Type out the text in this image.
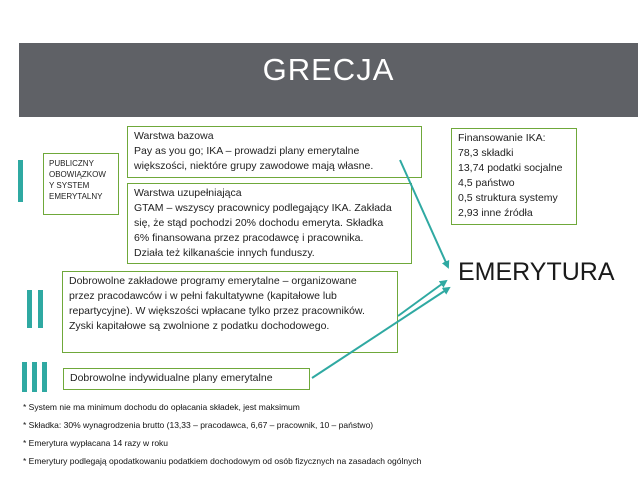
GRECJA
PUBLICZNY
OBOWIĄZKOW
Y SYSTEM
EMERYTALNY
Warstwa bazowa
Pay as you go; IKA – prowadzi plany emerytalne
większości, niektóre grupy zawodowe mają własne.
Warstwa uzupełniająca
GTAM – wszyscy pracownicy podlegający IKA. Zakłada
się, że stąd pochodzi 20% dochodu emeryta. Składka
6% finansowana przez pracodawcę i pracownika.
Działa też kilkanaście innych funduszy.
Finansowanie IKA:
78,3 składki
13,74 podatki socjalne
4,5 państwo
0,5 struktura systemy
2,93 inne źródła
Dobrowolne zakładowe programy emerytalne – organizowane
przez pracodawców i w pełni fakultatywne (kapitałowe lub
repartycyjne). W większości wpłacane tylko przez pracowników.
Zyski kapitałowe są zwolnione z podatku dochodowego.
Dobrowolne indywidualne plany emerytalne
EMERYTURA
* System nie ma minimum dochodu do opłacania składek, jest maksimum
* Składka: 30% wynagrodzenia brutto (13,33 – pracodawca, 6,67 – pracownik, 10 – państwo)
* Emerytura wypłacana 14 razy w roku
* Emerytury podlegają opodatkowaniu podatkiem dochodowym od osób fizycznych na zasadach ogólnych
